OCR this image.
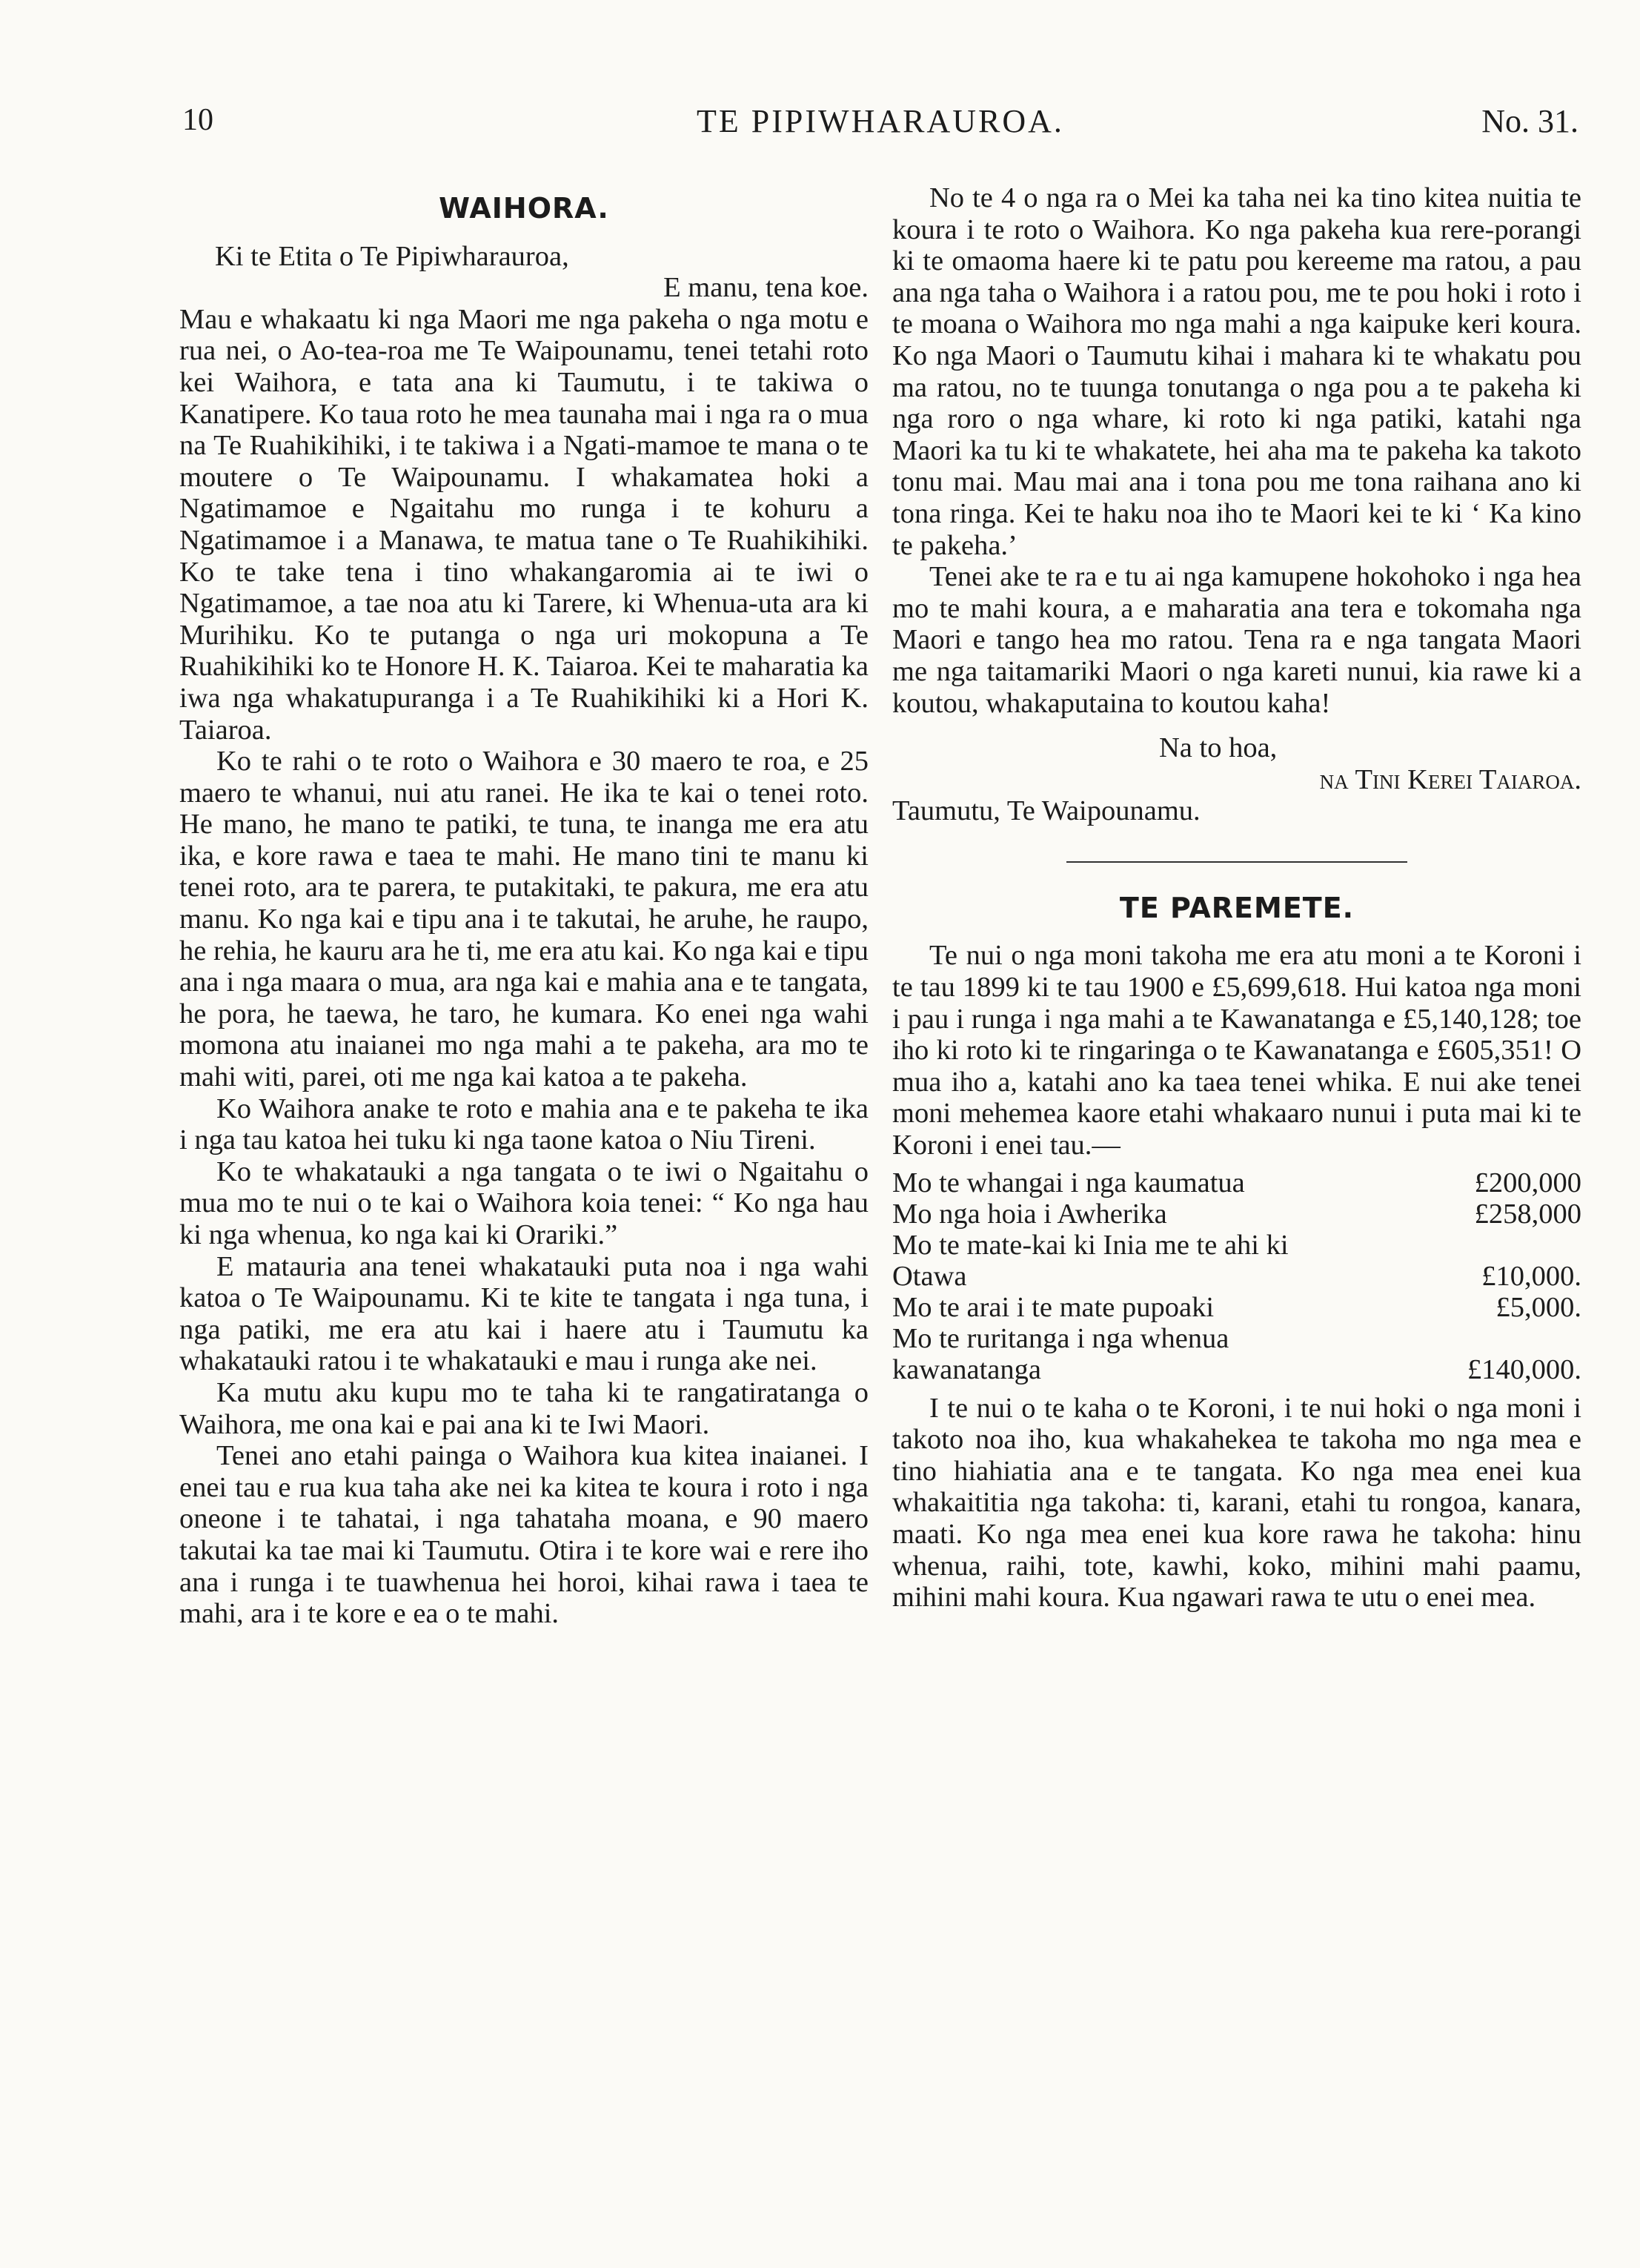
10	TE PIPIWHARAUROA.	No. 31.
WAIHORA.

Ki te Etita o Te Pipiwharauroa,

E manu, tena koe.

Mau e whakaatu ki nga Maori me nga pakeha o nga motu e rua nei, o Ao-tea-roa me Te Waipounamu, tenei tetahi roto kei Waihora, e tata ana ki Taumutu, i te takiwa o Kanatipere. Ko taua roto he mea taunaha mai i nga ra o mua na Te Ruahikihiki, i te takiwa i a Ngati-mamoe te mana o te moutere o Te Waipounamu. I whakamatea hoki a Ngatimamoe e Ngaitahu mo runga i te kohuru a Ngatimamoe i a Manawa, te matua tane o Te Ruahikihiki. Ko te take tena i tino whakangaromia ai te iwi o Ngatimamoe, a tae noa atu ki Tarere, ki Whenua-uta ara ki Murihiku. Ko te putanga o nga uri mokopuna a Te Ruahikihiki ko te Honore H. K. Taiaroa. Kei te maharatia ka iwa nga whakatupuranga i a Te Ruahikihiki ki a Hori K. Taiaroa.

Ko te rahi o te roto o Waihora e 30 maero te roa, e 25 maero te whanui, nui atu ranei. He ika te kai o tenei roto. He mano, he mano te patiki, te tuna, te inanga me era atu ika, e kore rawa e taea te mahi. He mano tini te manu ki tenei roto, ara te parera, te putakitaki, te pakura, me era atu manu. Ko nga kai e tipu ana i te takutai, he aruhe, he raupo, he rehia, he kauru ara he ti, me era atu kai. Ko nga kai e tipu ana i nga maara o mua, ara nga kai e mahia ana e te tangata, he pora, he taewa, he taro, he kumara. Ko enei nga wahi momona atu inaianei mo nga mahi a te pakeha, ara mo te mahi witi, parei, oti me nga kai katoa a te pakeha.

Ko Waihora anake te roto e mahia ana e te pakeha te ika i nga tau katoa hei tuku ki nga taone katoa o Niu Tireni.

Ko te whakatauki a nga tangata o te iwi o Ngaitahu o mua mo te nui o te kai o Waihora koia tenei: “ Ko nga hau ki nga whenua, ko nga kai ki Orariki.”

E matauria ana tenei whakatauki puta noa i nga wahi katoa o Te Waipounamu. Ki te kite te tangata i nga tuna, i nga patiki, me era atu kai i haere atu i Taumutu ka whakatauki ratou i te whakatauki e mau i runga ake nei.

Ka mutu aku kupu mo te taha ki te rangatiratanga o Waihora, me ona kai e pai ana ki te Iwi Maori.

Tenei ano etahi painga o Waihora kua kitea inaianei. I enei tau e rua kua taha ake nei ka kitea te koura i roto i nga oneone i te tahatai, i nga tahataha moana, e 90 maero takutai ka tae mai ki Taumutu. Otira i te kore wai e rere iho ana i runga i te tuawhenua hei horoi, kihai rawa i taea te mahi, ara i te kore e ea o te mahi.

No te 4 o nga ra o Mei ka taha nei ka tino kitea nuitia te koura i te roto o Waihora. Ko nga pakeha kua rere-porangi ki te omaoma haere ki te patu pou kereeme ma ratou, a pau ana nga taha o Waihora i a ratou pou, me te pou hoki i roto i te moana o Waihora mo nga mahi a nga kaipuke keri koura. Ko nga Maori o Taumutu kihai i mahara ki te whakatu pou ma ratou, no te tuunga tonutanga o nga pou a te pakeha ki nga roro o nga whare, ki roto ki nga patiki, katahi nga Maori ka tu ki te whakatete, hei aha ma te pakeha ka takoto tonu mai. Mau mai ana i tona pou me tona raihana ano ki tona ringa. Kei te haku noa iho te Maori kei te ki ‘ Ka kino te pakeha.’

Tenei ake te ra e tu ai nga kamupene hokohoko i nga hea mo te mahi koura, a e maharatia ana tera e tokomaha nga Maori e tango hea mo ratou. Tena ra e nga tangata Maori me nga taitamariki Maori o nga kareti nunui, kia rawe ki a koutou, whakaputaina to koutou kaha!

Na to hoa,

na Tini Kerei Taiaroa.

Taumutu, Te Waipounamu.

TE PAREMETE.

Te nui o nga moni takoha me era atu moni a te Koroni i te tau 1899 ki te tau 1900 e £5,699,618. Hui katoa nga moni i pau i runga i nga mahi a te Kawanatanga e £5,140,128; toe iho ki roto ki te ringaringa o te Kawanatanga e £605,351! O mua iho a, katahi ano ka taea tenei whika. E nui ake tenei moni mehemea kaore etahi whakaaro nunui i puta mai ki te Koroni i enei tau.—

Mo te whangai i nga kaumatua	£200,000
Mo nga hoia i Awherika	£258,000
Mo te mate-kai ki Inia me te ahi ki Otawa	£10,000.
Mo te arai i te mate pupoaki	£5,000.
Mo te ruritanga i nga whenua kawanatanga	£140,000.

I te nui o te kaha o te Koroni, i te nui hoki o nga moni i takoto noa iho, kua whakahekea te takoha mo nga mea e tino hiahiatia ana e te tangata. Ko nga mea enei kua whakaititia nga takoha: ti, karani, etahi tu rongoa, kanara, maati. Ko nga mea enei kua kore rawa he takoha: hinu whenua, raihi, tote, kawhi, koko, mihini mahi paamu, mihini mahi koura. Kua ngawari rawa te utu o enei mea.
